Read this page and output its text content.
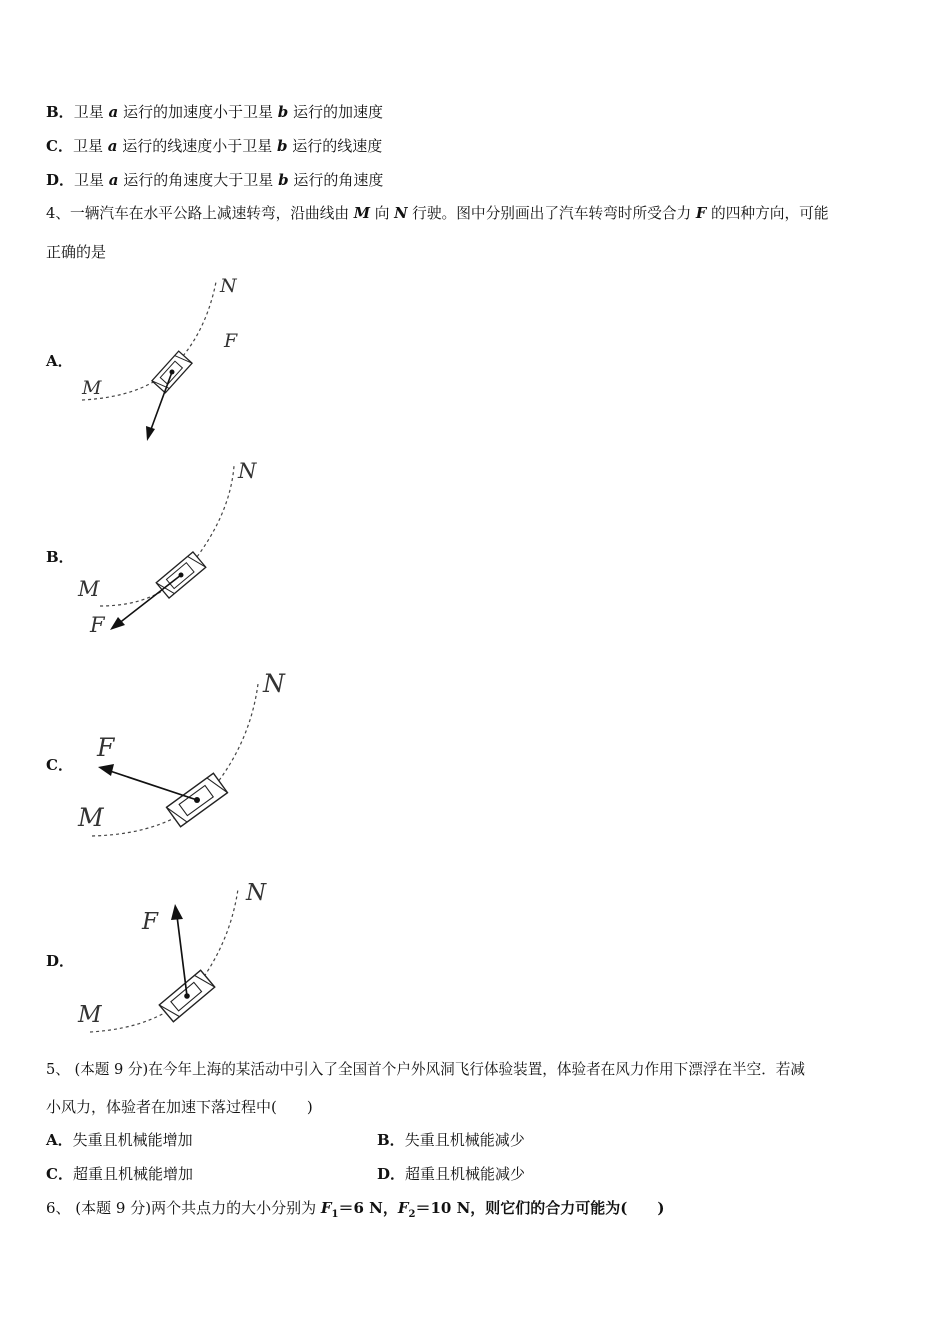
B．卫星 a 运行的加速度小于卫星 b 运行的加速度
C．卫星 a 运行的线速度小于卫星 b 运行的线速度
D．卫星 a 运行的角速度大于卫星 b 运行的角速度
4、一辆汽车在水平公路上减速转弯，沿曲线由 M 向 N 行驶。图中分别画出了汽车转弯时所受合力 F 的四种方向，可能
正确的是
A．
M
N
F
B．
M
N
F
C．
M
N
F
D．
M
N
F
5、 (本题 9 分)在今年上海的某活动中引入了全国首个户外风洞飞行体验装置，体验者在风力作用下漂浮在半空．若减
小风力，体验者在加速下落过程中(　　)
A．失重且机械能增加	B．失重且机械能减少
C．超重且机械能增加	D．超重且机械能减少
6、 (本题 9 分)两个共点力的大小分别为 $F_1=6$ N，$F_2=10$ N，则它们的合力可能为(　　)
